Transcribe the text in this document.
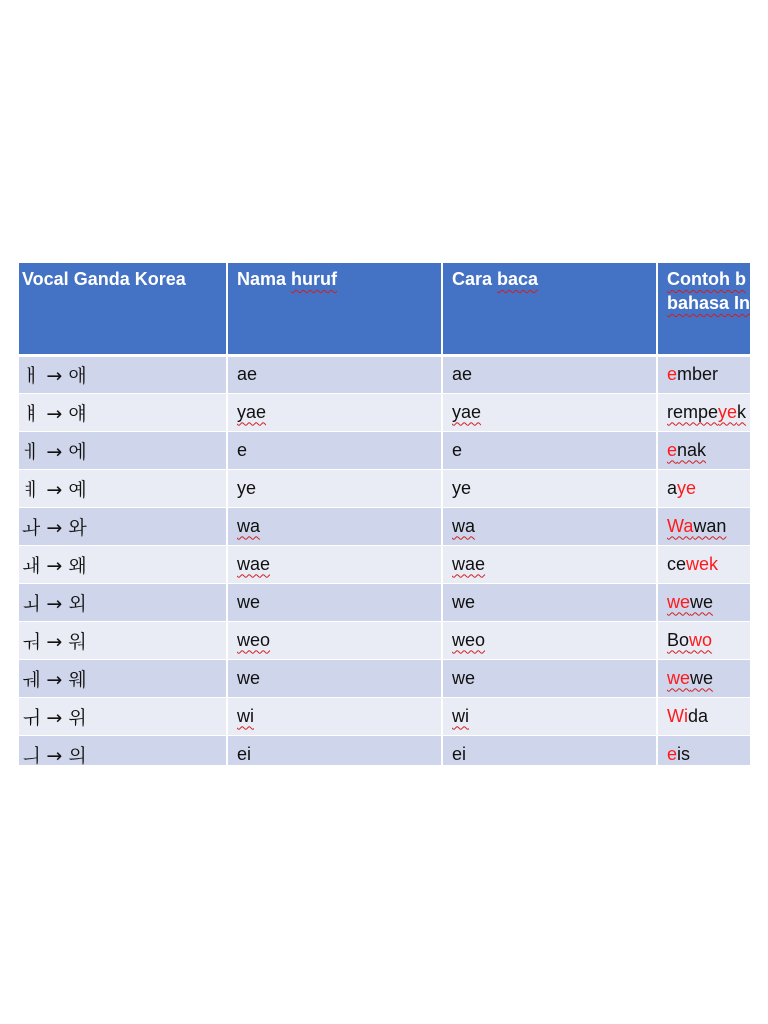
Vocal Ganda Korea	Nama huruf	Cara baca	Contoh b
bahasa In
ㅐ → 애	ae	ae	ember
ㅒ → 얘	yae	yae	rempeyek
ㅔ → 에	e	e	enak
ㅖ → 예	ye	ye	aye
ㅘ → 와	wa	wa	Wawan
ㅙ → 왜	wae	wae	cewek
ㅚ → 외	we	we	wewe
ㅝ → 워	weo	weo	Bowo
ㅞ → 웨	we	we	wewe
ㅟ → 위	wi	wi	Wida
ㅢ → 의	ei	ei	eis
